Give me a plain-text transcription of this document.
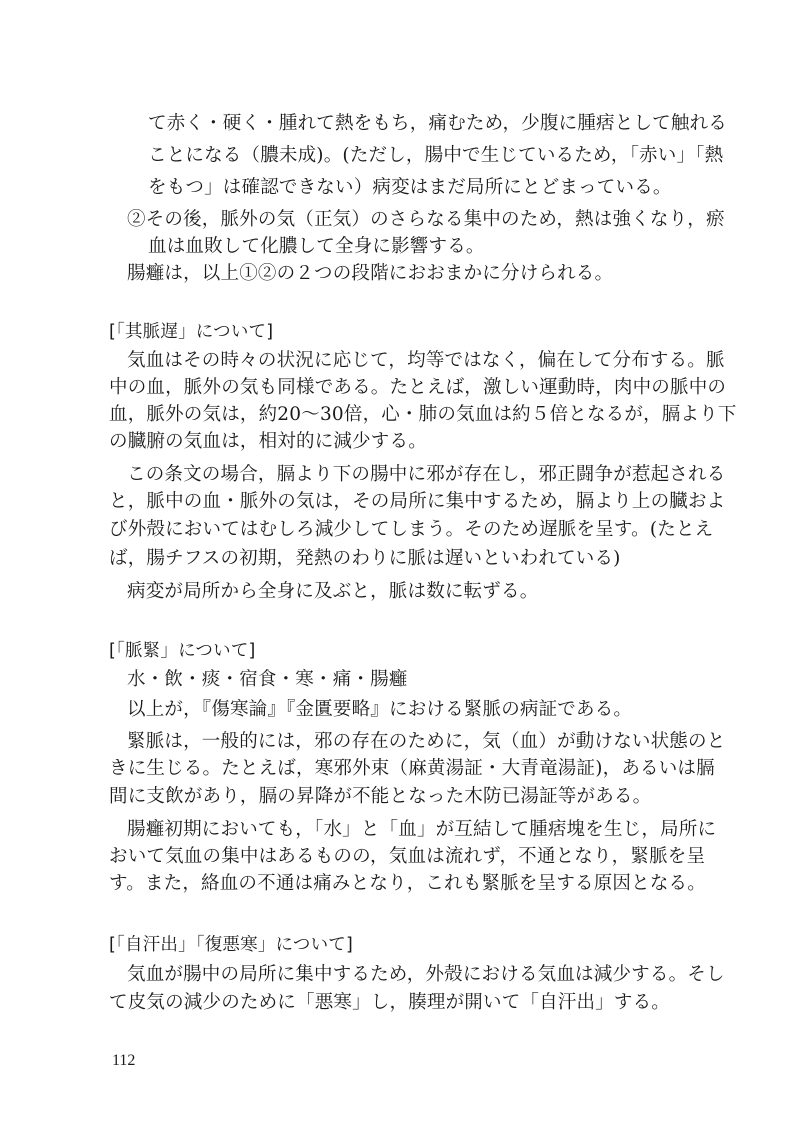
て赤く・硬く・腫れて熱をもち，痛むため，少腹に腫痞として触れる
ことになる（膿未成)。(ただし，腸中で生じているため，「赤い」「熱
をもつ」は確認できない）病変はまだ局所にとどまっている。
②その後，脈外の気（正気）のさらなる集中のため，熱は強くなり，瘀
血は血敗して化膿して全身に影響する。
腸癰は，以上①②の２つの段階におおまかに分けられる。
[「其脈遅」について]
気血はその時々の状況に応じて，均等ではなく，偏在して分布する。脈
中の血，脈外の気も同様である。たとえば，激しい運動時，肉中の脈中の
血，脈外の気は，約20〜30倍，心・肺の気血は約５倍となるが，膈より下
の臓腑の気血は，相対的に減少する。
この条文の場合，膈より下の腸中に邪が存在し，邪正闘争が惹起される
と，脈中の血・脈外の気は，その局所に集中するため，膈より上の臓およ
び外殻においてはむしろ減少してしまう。そのため遅脈を呈す。(たとえ
ば，腸チフスの初期，発熱のわりに脈は遅いといわれている)
病変が局所から全身に及ぶと，脈は数に転ずる。
[「脈緊」について]
水・飲・痰・宿食・寒・痛・腸癰
以上が，『傷寒論』『金匱要略』における緊脈の病証である。
緊脈は，一般的には，邪の存在のために，気（血）が動けない状態のと
きに生じる。たとえば，寒邪外束（麻黄湯証・大青竜湯証)，あるいは膈
間に支飲があり，膈の昇降が不能となった木防已湯証等がある。
腸癰初期においても，「水」と「血」が互結して腫痞塊を生じ，局所に
おいて気血の集中はあるものの，気血は流れず，不通となり，緊脈を呈
す。また，絡血の不通は痛みとなり，これも緊脈を呈する原因となる。
[「自汗出」「復悪寒」について]
気血が腸中の局所に集中するため，外殻における気血は減少する。そし
て皮気の減少のために「悪寒」し，腠理が開いて「自汗出」する。
112
